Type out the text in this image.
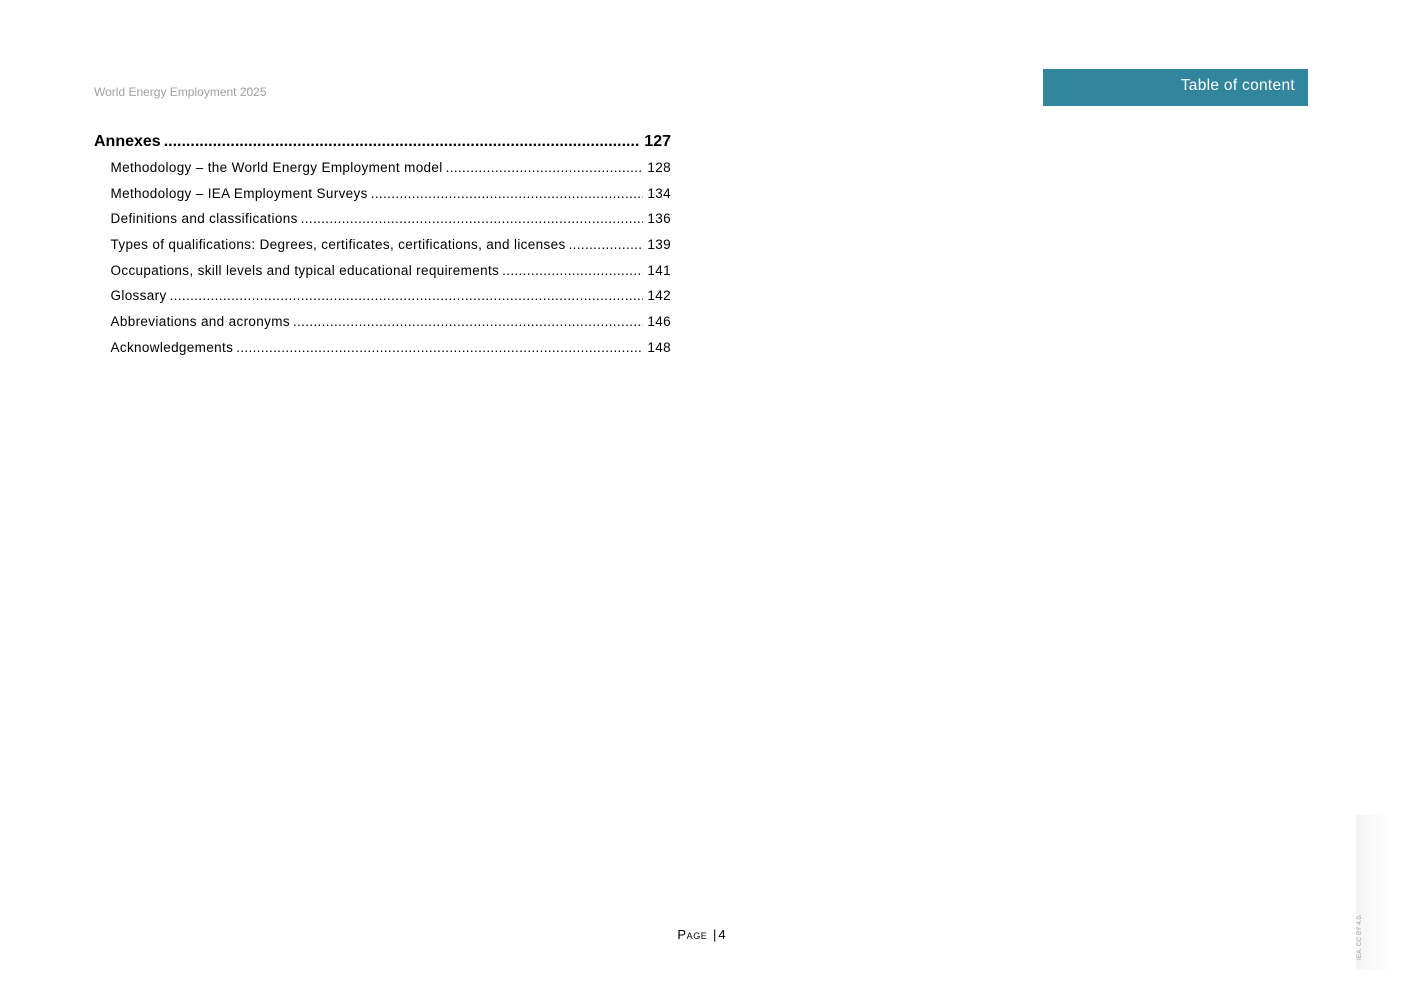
World Energy Employment 2025	Table of content
Annexes .....	127
Methodology – the World Energy Employment model .....	128
Methodology – IEA Employment Surveys .....	134
Definitions and classifications .....	136
Types of qualifications: Degrees, certificates, certifications, and licenses .....	139
Occupations, skill levels and typical educational requirements .....	141
Glossary .....	142
Abbreviations and acronyms .....	146
Acknowledgements .....	148
Page | 4	IEA. CC BY 4.0.
